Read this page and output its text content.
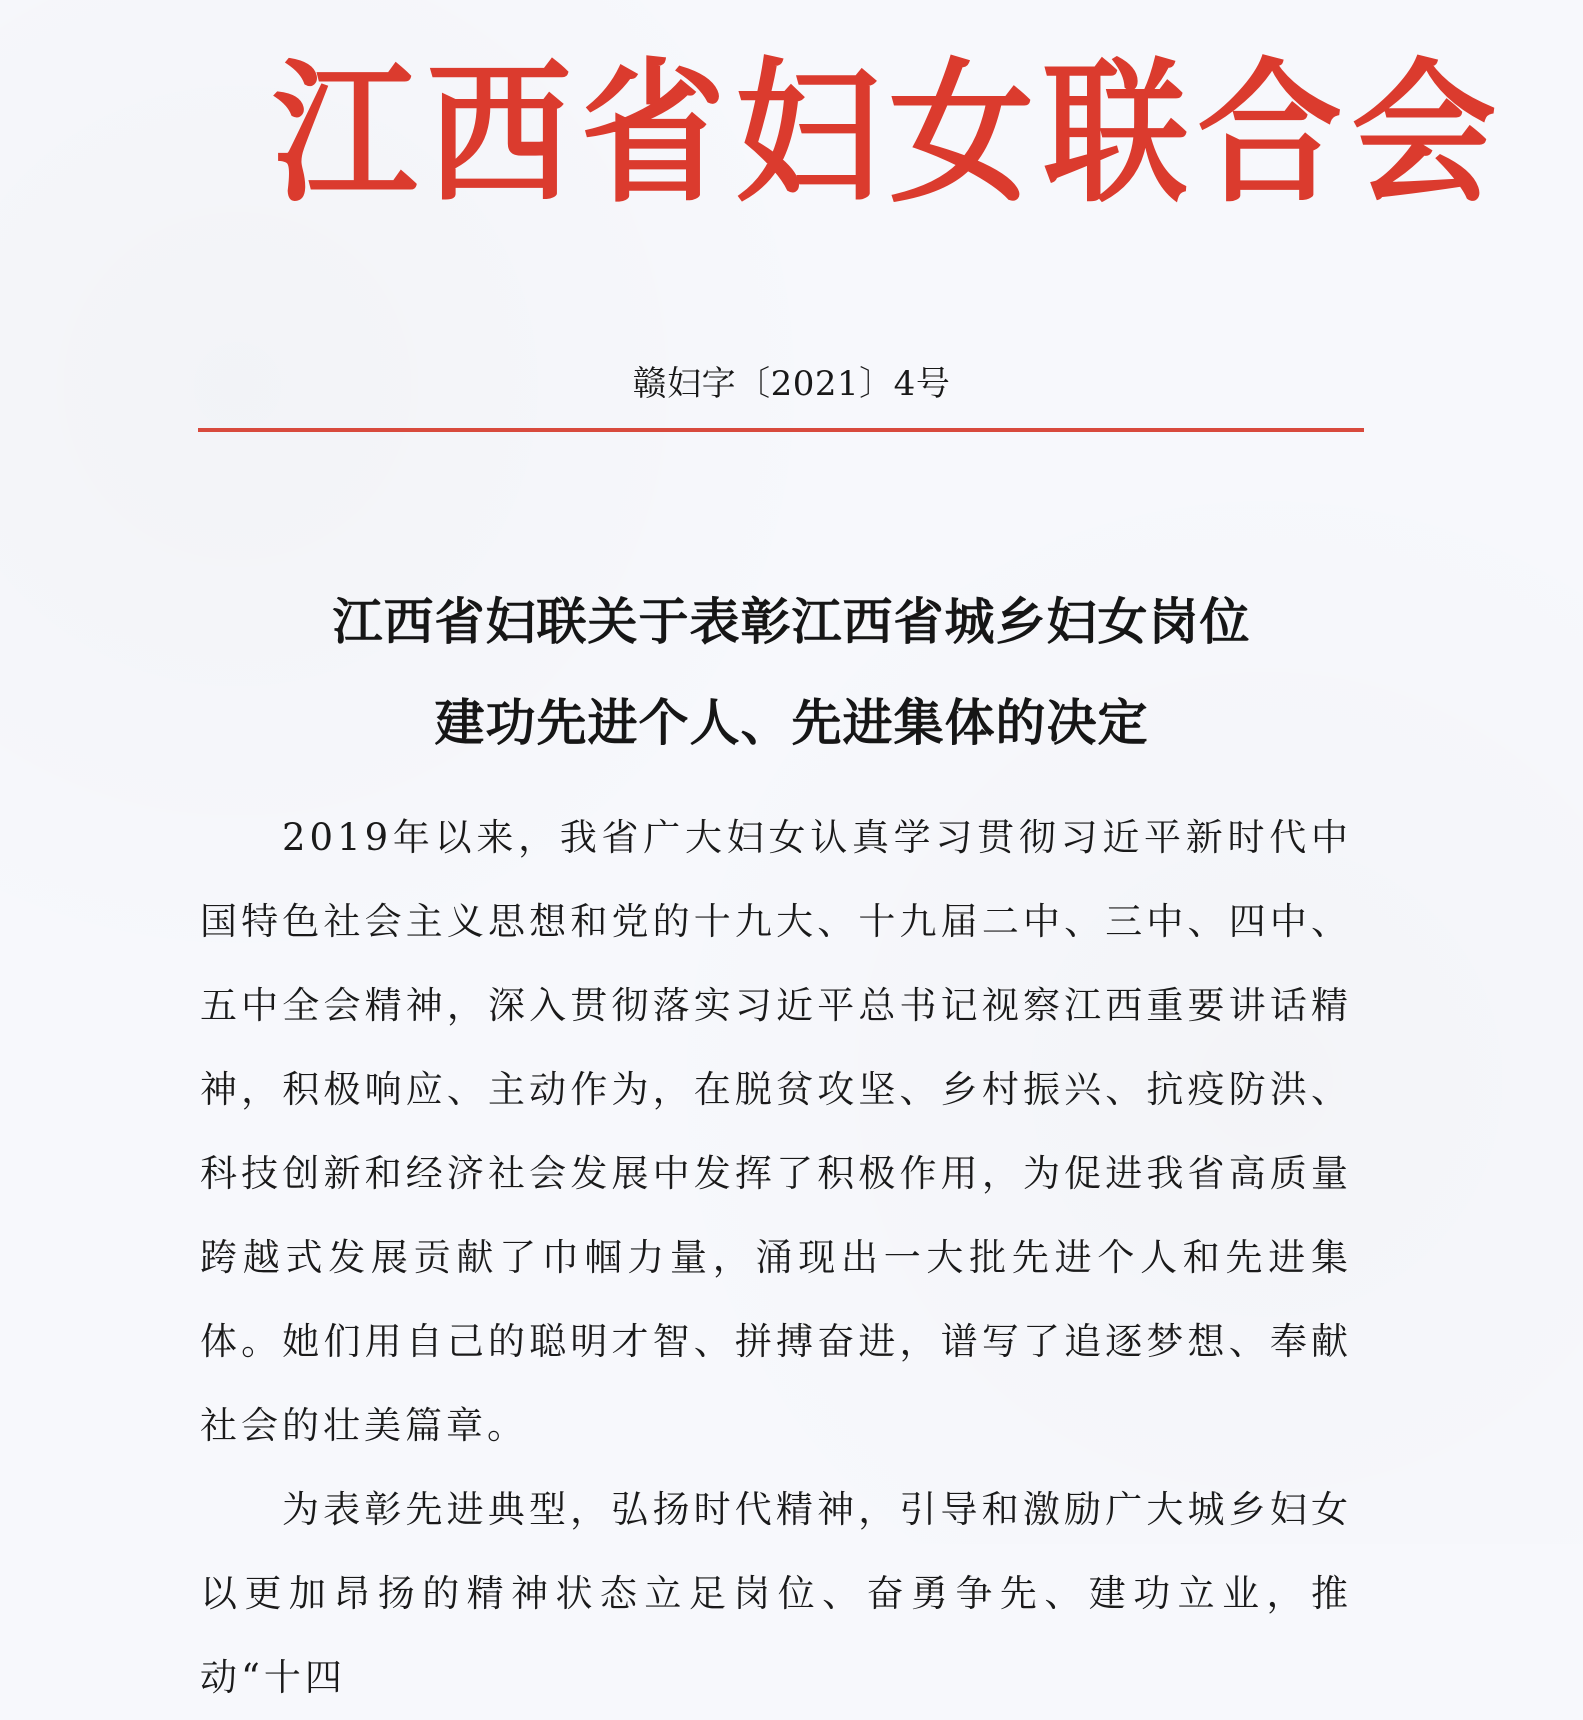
江西省妇女联合会
赣妇字〔2021〕4号
江西省妇联关于表彰江西省城乡妇女岗位
建功先进个人、先进集体的决定

2019年以来，我省广大妇女认真学习贯彻习近平新时代中国特色社会主义思想和党的十九大、十九届二中、三中、四中、五中全会精神，深入贯彻落实习近平总书记视察江西重要讲话精神，积极响应、主动作为，在脱贫攻坚、乡村振兴、抗疫防洪、科技创新和经济社会发展中发挥了积极作用，为促进我省高质量跨越式发展贡献了巾帼力量，涌现出一大批先进个人和先进集体。她们用自己的聪明才智、拼搏奋进，谱写了追逐梦想、奉献社会的壮美篇章。

为表彰先进典型，弘扬时代精神，引导和激励广大城乡妇女以更加昂扬的精神状态立足岗位、奋勇争先、建功立业，推动“十四
